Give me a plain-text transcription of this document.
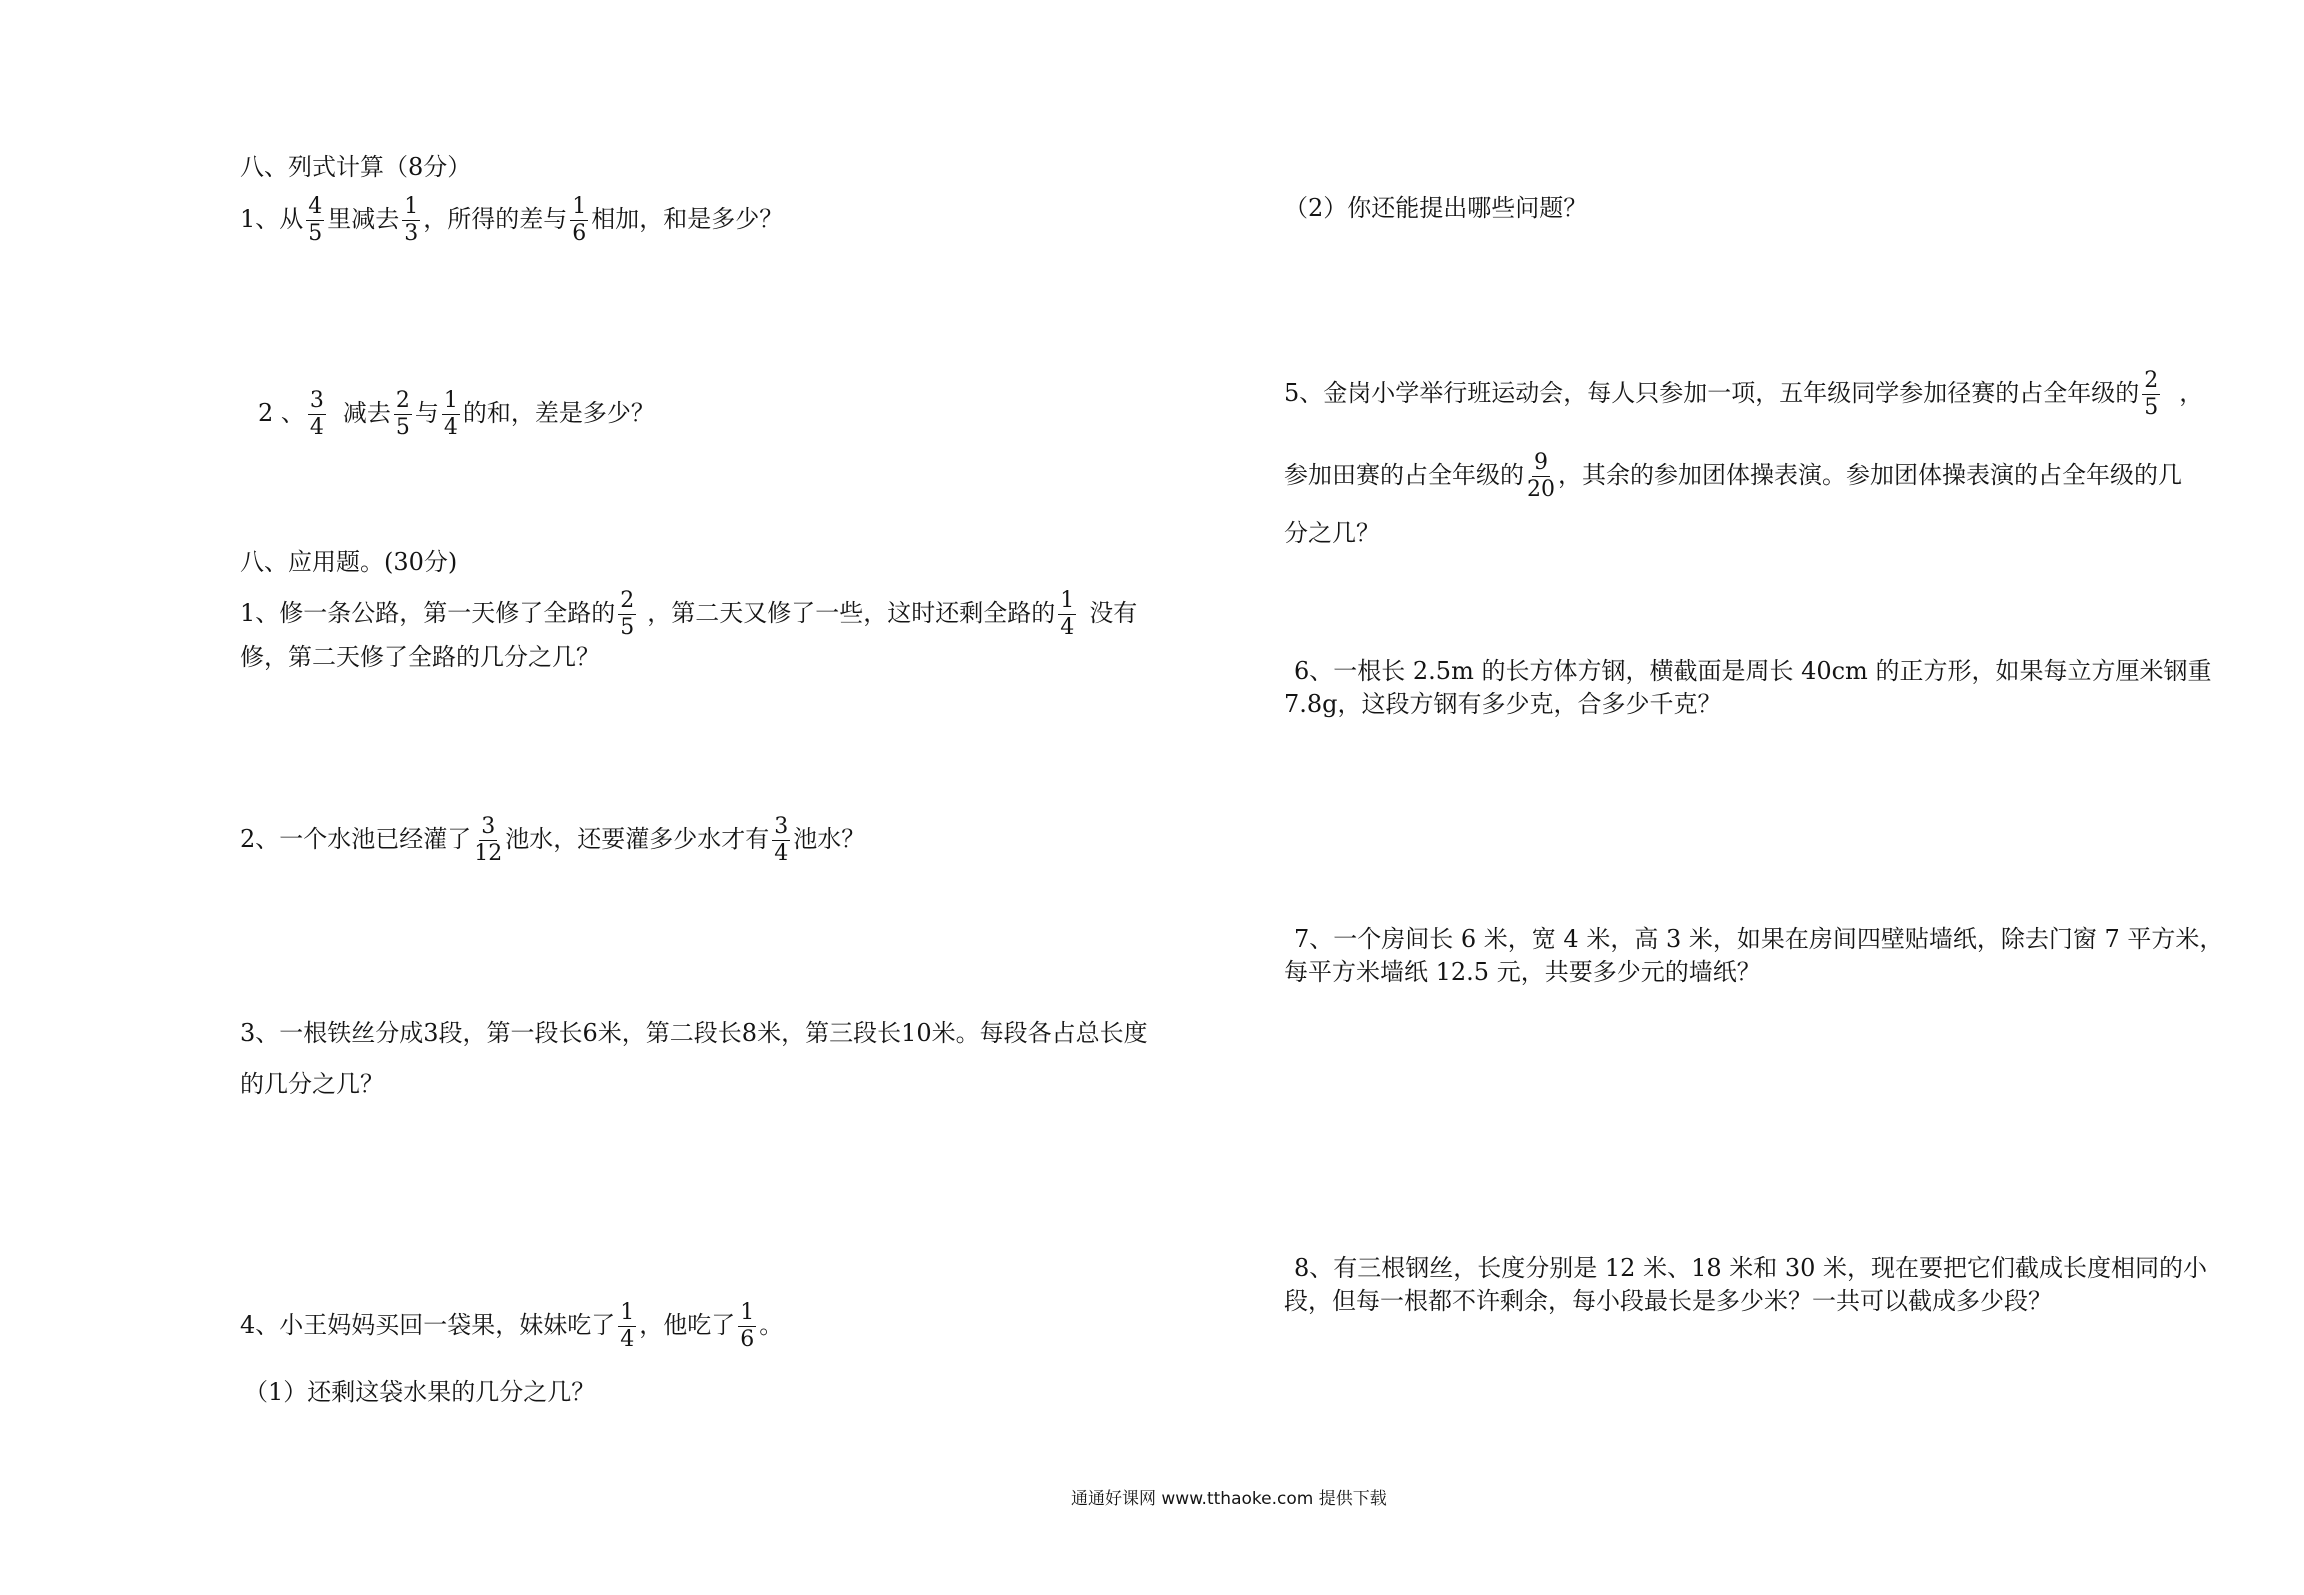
八、列式计算（8分）
1、从 $\frac{4}{5}$ 里减去 $\frac{1}{3}$ ，所得的差与 $\frac{1}{6}$ 相加，和是多少？
2 、 $\frac{3}{4}$ 减去 $\frac{2}{5}$ 与 $\frac{1}{4}$ 的和，差是多少？
八、应用题。(30分)
1、修一条公路，第一天修了全路的 $\frac{2}{5}$ ，第二天又修了一些，这时还剩全路的 $\frac{1}{4}$ 没有
修，第二天修了全路的几分之几？
2、一个水池已经灌了 $\frac{3}{12}$ 池水，还要灌多少水才有 $\frac{3}{4}$ 池水？
3、一根铁丝分成3段，第一段长6米，第二段长8米，第三段长10米。每段各占总长度
的几分之几？
4、小王妈妈买回一袋果，妹妹吃了 $\frac{1}{4}$ ，他吃了 $\frac{1}{6}$ 。
（1）还剩这袋水果的几分之几？
（2）你还能提出哪些问题？
5、金岗小学举行班运动会，每人只参加一项，五年级同学参加径赛的占全年级的 $\frac{2}{5}$ ，
参加田赛的占全年级的 $\frac{9}{20}$ ，其余的参加团体操表演。参加团体操表演的占全年级的几
分之几？
6、一根长 2.5m 的长方体方钢，横截面是周长 40cm 的正方形，如果每立方厘米钢重
7.8g，这段方钢有多少克，合多少千克？
7、一个房间长 6 米，宽 4 米，高 3 米，如果在房间四壁贴墙纸，除去门窗 7 平方米，
每平方米墙纸 12.5 元，共要多少元的墙纸？
8、有三根钢丝，长度分别是 12 米、18 米和 30 米，现在要把它们截成长度相同的小
段，但每一根都不许剩余，每小段最长是多少米？一共可以截成多少段？
通通好课网 www.tthaoke.com 提供下载
